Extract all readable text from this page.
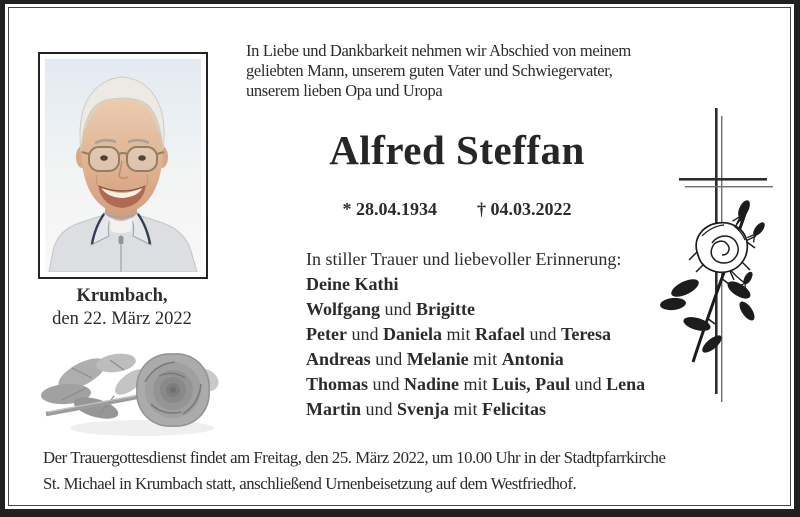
Krumbach,
den 22. März 2022
In Liebe und Dankbarkeit nehmen wir Abschied von meinem
geliebten Mann, unserem guten Vater und Schwiegervater,
unserem lieben Opa und Uropa
Alfred Steffan
* 28.04.1934 † 04.03.2022
In stiller Trauer und liebevoller Erinnerung:
Deine Kathi
Wolfgang und Brigitte
Peter und Daniela mit Rafael und Teresa
Andreas und Melanie mit Antonia
Thomas und Nadine mit Luis, Paul und Lena
Martin und Svenja mit Felicitas
Der Trauergottesdienst findet am Freitag, den 25. März 2022, um 10.00 Uhr in der Stadtpfarrkirche
St. Michael in Krumbach statt, anschließend Urnenbeisetzung auf dem Westfriedhof.
